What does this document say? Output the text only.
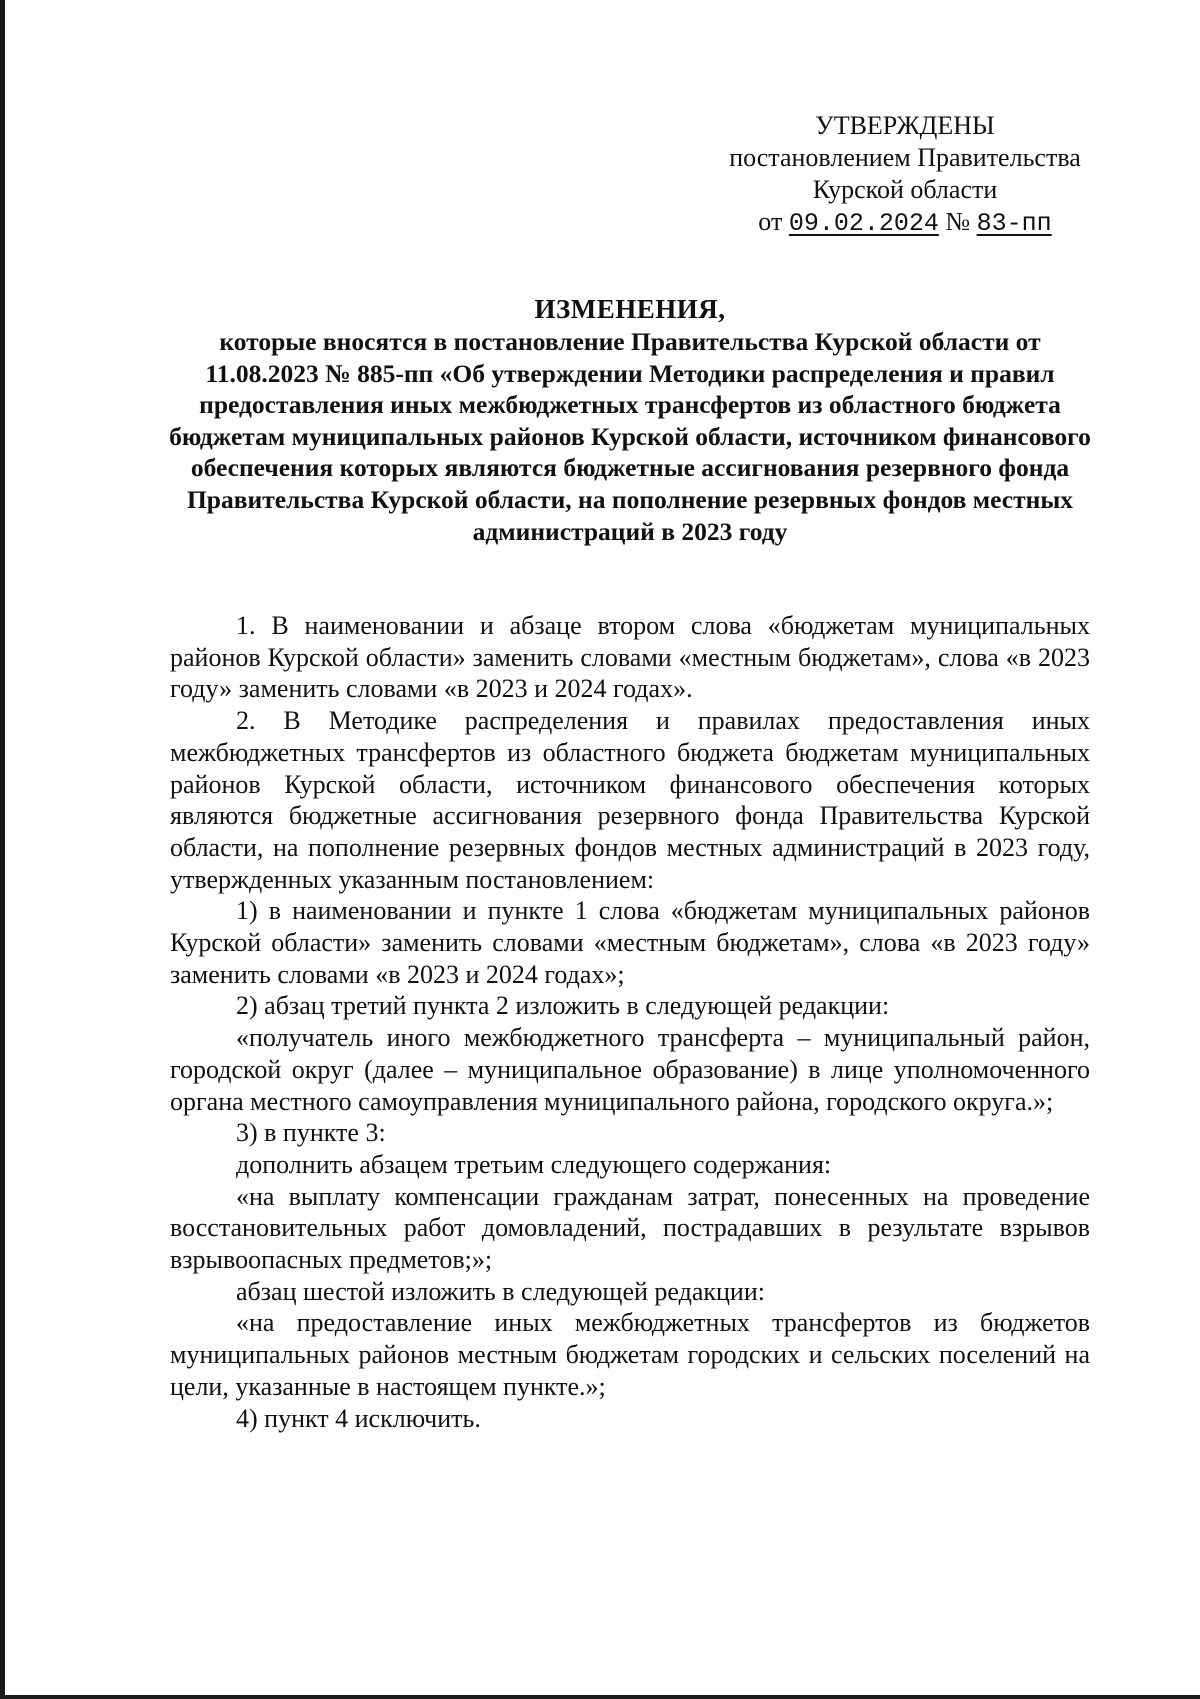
УТВЕРЖДЕНЫ
постановлением Правительства
Курской области
от 09.02.2024 № 83-пп
ИЗМЕНЕНИЯ,
которые вносятся в постановление Правительства Курской области от 11.08.2023 № 885-пп «Об утверждении Методики распределения и правил предоставления иных межбюджетных трансфертов из областного бюджета бюджетам муниципальных районов Курской области, источником финансового обеспечения которых являются бюджетные ассигнования резервного фонда Правительства Курской области, на пополнение резервных фондов местных администраций в 2023 году

1. В наименовании и абзаце втором слова «бюджетам муниципальных районов Курской области» заменить словами «местным бюджетам», слова «в 2023 году» заменить словами «в 2023 и 2024 годах».

2. В Методике распределения и правилах предоставления иных межбюджетных трансфертов из областного бюджета бюджетам муниципальных районов Курской области, источником финансового обеспечения которых являются бюджетные ассигнования резервного фонда Правительства Курской области, на пополнение резервных фондов местных администраций в 2023 году, утвержденных указанным постановлением:

1) в наименовании и пункте 1 слова «бюджетам муниципальных районов Курской области» заменить словами «местным бюджетам», слова «в 2023 году» заменить словами «в 2023 и 2024 годах»;

2) абзац третий пункта 2 изложить в следующей редакции:

«получатель иного межбюджетного трансферта – муниципальный район, городской округ (далее – муниципальное образование) в лице уполномоченного органа местного самоуправления муниципального района, городского округа.»;

3) в пункте 3:

дополнить абзацем третьим следующего содержания:

«на выплату компенсации гражданам затрат, понесенных на проведение восстановительных работ домовладений, пострадавших в результате взрывов взрывоопасных предметов;»;

абзац шестой изложить в следующей редакции:

«на предоставление иных межбюджетных трансфертов из бюджетов муниципальных районов местным бюджетам городских и сельских поселений на цели, указанные в настоящем пункте.»;

4) пункт 4 исключить.
